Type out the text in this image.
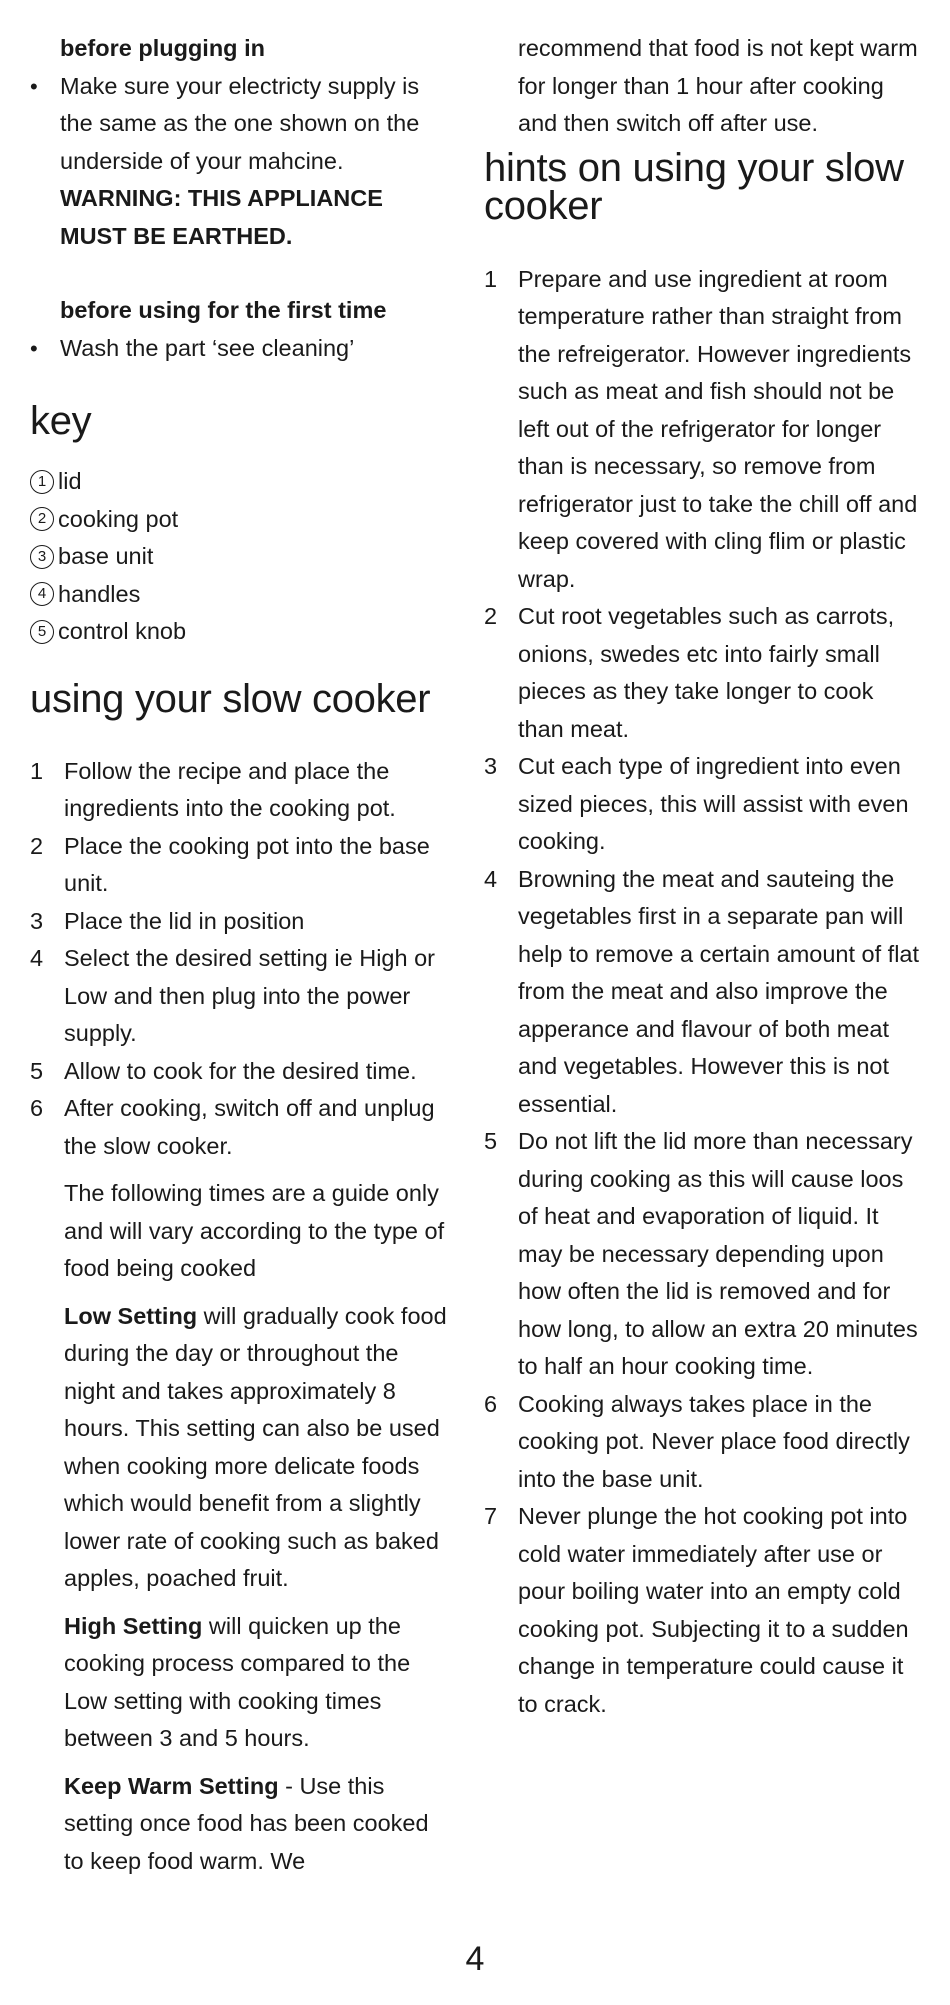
before plugging in

• Make sure your electricty supply is the same as the one shown on the underside of your mahcine.

WARNING: THIS APPLIANCE MUST BE EARTHED.

before using for the first time

• Wash the part ‘see cleaning’

key
1 lid
2 cooking pot
3 base unit
4 handles
5 control knob
using your slow cooker
1 Follow the recipe and place the ingredients into the cooking pot.
2 Place the cooking pot into the base unit.
3 Place the lid in position
4 Select the desired setting ie High or Low and then plug into the power supply.
5 Allow to cook for the desired time.
6 After cooking, switch off and unplug the slow cooker.

The following times are a guide only and will vary according to the type of food being cooked

Low Setting will gradually cook food during the day or throughout the night and takes approximately 8 hours. This setting can also be used when cooking more delicate foods which would benefit from a slightly lower rate of cooking such as baked apples, poached fruit.

High Setting will quicken up the cooking process compared to the Low setting with cooking times between 3 and 5 hours.

Keep Warm Setting - Use this setting once food has been cooked to keep food warm. We

recommend that food is not kept warm for longer than 1 hour after cooking and then switch off after use.

hints on using your slow cooker
1 Prepare and use ingredient at room temperature rather than straight from the refreigerator. However ingredients such as meat and fish should not be left out of the refrigerator for longer than is necessary, so remove from refrigerator just to take the chill off and keep covered with cling flim or plastic wrap.
2 Cut root vegetables such as carrots, onions, swedes etc into fairly small pieces as they take longer to cook than meat.
3 Cut each type of ingredient into even sized pieces, this will assist with even cooking.
4 Browning the meat and sauteing the vegetables first in a separate pan will help to remove a certain amount of flat from the meat and also improve the apperance and flavour of both meat and vegetables. However this is not essential.
5 Do not lift the lid more than necessary during cooking as this will cause loos of heat and evaporation of liquid. It may be necessary depending upon how often the lid is removed and for how long, to allow an extra 20 minutes to half an hour cooking time.
6 Cooking always takes place in the cooking pot. Never place food directly into the base unit.
7 Never plunge the hot cooking pot into cold water immediately after use or pour boiling water into an empty cold cooking pot. Subjecting it to a sudden change in temperature could cause it to crack.
4
